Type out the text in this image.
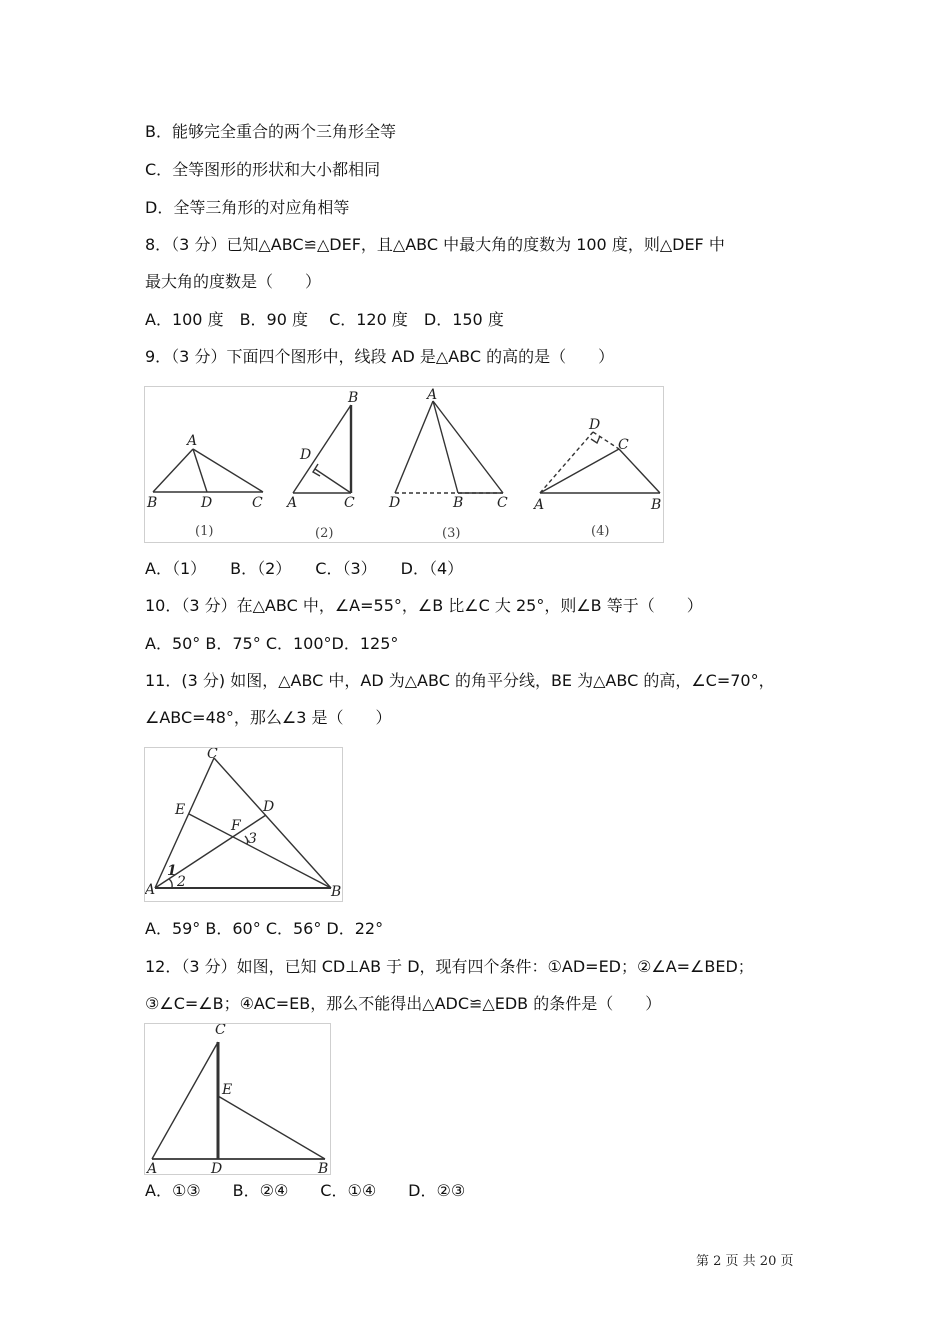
B．能够完全重合的两个三角形全等
C．全等图形的形状和大小都相同
D．全等三角形的对应角相等
8．（3 分）已知△ABC≌△DEF，且△ABC 中最大角的度数为 100 度，则△DEF 中
最大角的度数是（　　）
A．100 度　B．90 度　 C．120 度　D．150 度
9．（3 分）下面四个图形中，线段 AD 是△ABC 的高的是（　　）
A
B	D	C
(1)
B
D
A	C
(2)
A
D	B C
(3)
D
C
A	B
(4)
A．（1）　　B．（2）　　C．（3）　　D．（4）
10．（3 分）在△ABC 中，∠A=55°，∠B 比∠C 大 25°，则∠B 等于（　　）
A．50° B．75° C．100°D．125°
11．(3 分) 如图，△ABC 中，AD 为△ABC 的角平分线，BE 为△ABC 的高，∠C=70°，
∠ABC=48°，那么∠3 是（　　）
C
E	D
F
3
1
2
A	B
A．59° B．60° C．56° D．22°
12．（3 分）如图，已知 CD⊥AB 于 D，现有四个条件：①AD=ED；②∠A=∠BED；
③∠C=∠B；④AC=EB，那么不能得出△ADC≌△EDB 的条件是（　　）
C
E
A	D	B
A．①③　　B．②④　　C．①④　　D．②③
第 2 页 共 20 页
